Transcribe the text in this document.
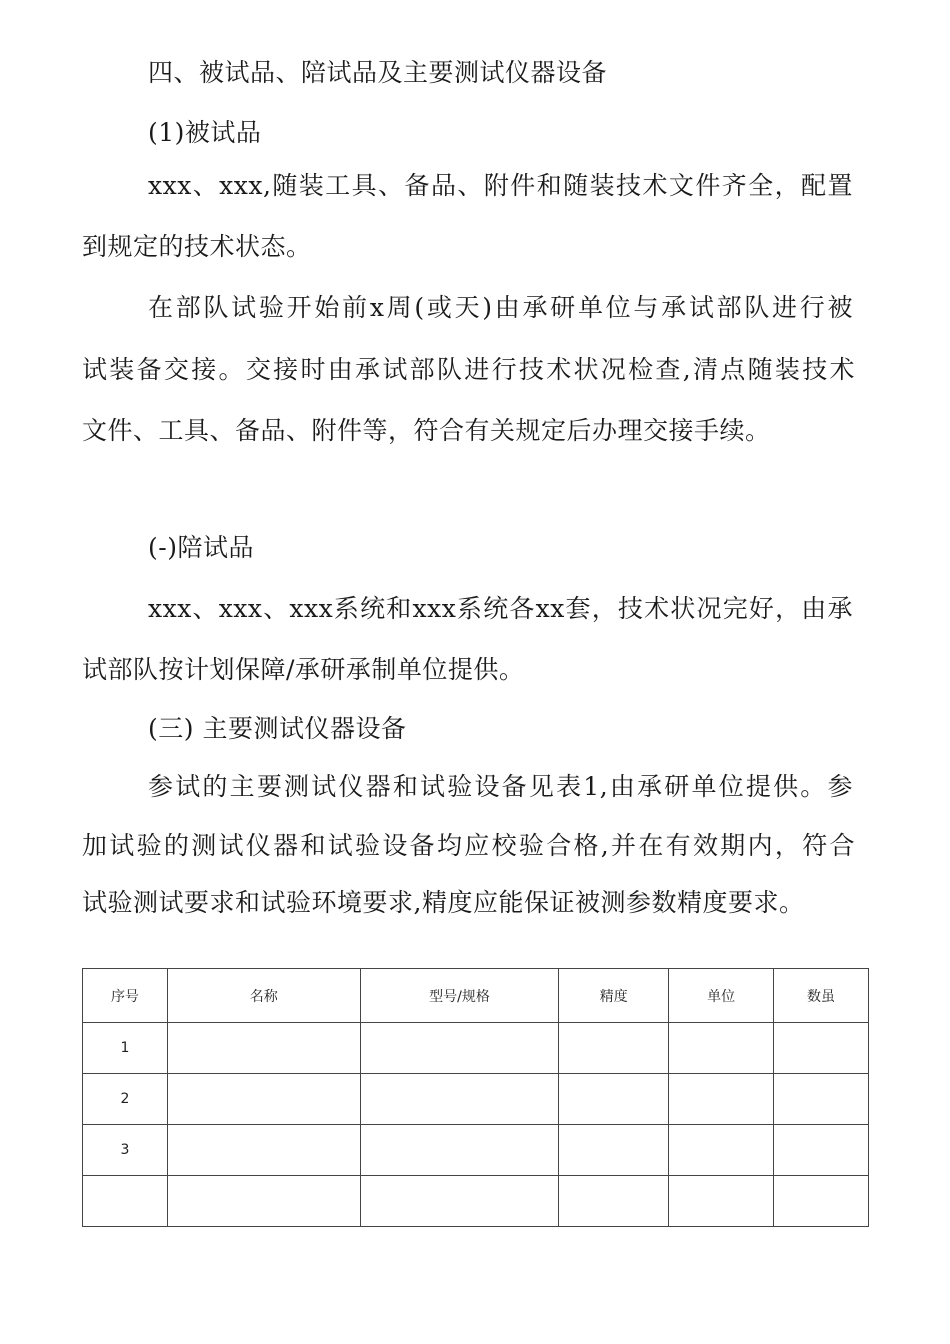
四、被试品、陪试品及主要测试仪器设备
(1)被试品
xxx、xxx,随装工具、备品、附件和随装技术文件齐全，配置
到规定的技术状态。
在部队试验开始前x周(或天)由承研单位与承试部队进行被
试装备交接。交接时由承试部队进行技术状况检查,清点随装技术
文件、工具、备品、附件等，符合有关规定后办理交接手续。
(-)陪试品
xxx、xxx、xxx系统和xxx系统各xx套，技术状况完好，由承
试部队按计划保障/承研承制单位提供。
(三) 主要测试仪器设备
参试的主要测试仪器和试验设备见表1,由承研单位提供。参
加试验的测试仪器和试验设备均应校验合格,并在有效期内，符合
试验测试要求和试验环境要求,精度应能保证被测参数精度要求。
序号	名称	型号/规格	精度	单位	数虽
1					
2					
3					
